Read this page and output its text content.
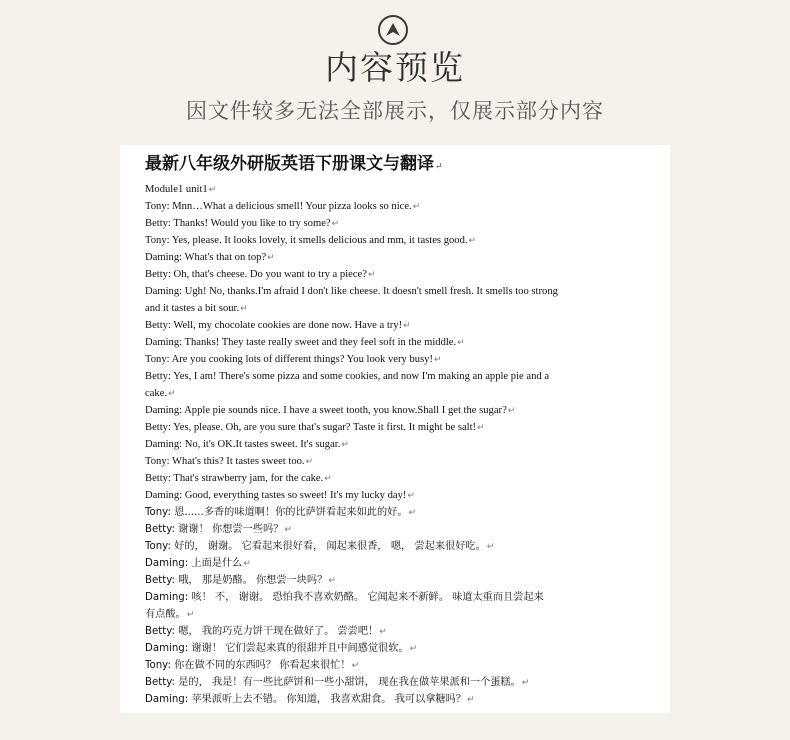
内容预览
因文件较多无法全部展示，仅展示部分内容
最新八年级外研版英语下册课文与翻译↵
Module1 unit1↵
Tony: Mnn…What a delicious smell! Your pizza looks so nice.↵
Betty: Thanks! Would you like to try some?↵
Tony: Yes, please. It looks lovely, it smells delicious and mm, it tastes good.↵
Daming: What's that on top?↵
Betty: Oh, that's cheese. Do you want to try a piece?↵
Daming: Ugh! No, thanks.I'm afraid I don't like cheese. It doesn't smell fresh. It smells too strong
and it tastes a bit sour.↵
Betty: Well, my chocolate cookies are done now. Have a try!↵
Daming: Thanks! They taste really sweet and they feel soft in the middle.↵
Tony: Are you cooking lots of different things? You look very busy!↵
Betty: Yes, I am! There's some pizza and some cookies, and now I'm making an apple pie and a
cake.↵
Daming: Apple pie sounds nice. I have a sweet tooth, you know.Shall I get the sugar?↵
Betty: Yes, please. Oh, are you sure that's sugar? Taste it first. It might be salt!↵
Daming: No, it's OK.It tastes sweet. It's sugar.↵
Tony: What's this? It tastes sweet too.↵
Betty: That's strawberry jam, for the cake.↵
Daming: Good, everything tastes so sweet! It's my lucky day!↵
Tony: 恩......多香的味道啊！你的比萨饼看起来如此的好。↵
Betty: 谢谢！ 你想尝一些吗？↵
Tony: 好的， 谢谢。 它看起来很好看， 闻起来很香， 嗯， 尝起来很好吃。↵
Daming: 上面是什么↵
Betty: 哦， 那是奶酪。 你想尝一块吗？↵
Daming: 咳！ 不， 谢谢。 恐怕我不喜欢奶酪。 它闻起来不新鲜。 味道太重而且尝起来
有点酸。↵
Betty: 嗯， 我的巧克力饼干现在做好了。 尝尝吧！↵
Daming: 谢谢！ 它们尝起来真的很甜并且中间感觉很软。↵
Tony: 你在做不同的东西吗？ 你看起来很忙！↵
Betty: 是的， 我是！有一些比萨饼和一些小甜饼， 现在我在做苹果派和一个蛋糕。↵
Daming: 苹果派听上去不错。 你知道， 我喜欢甜食。 我可以拿糖吗？↵
